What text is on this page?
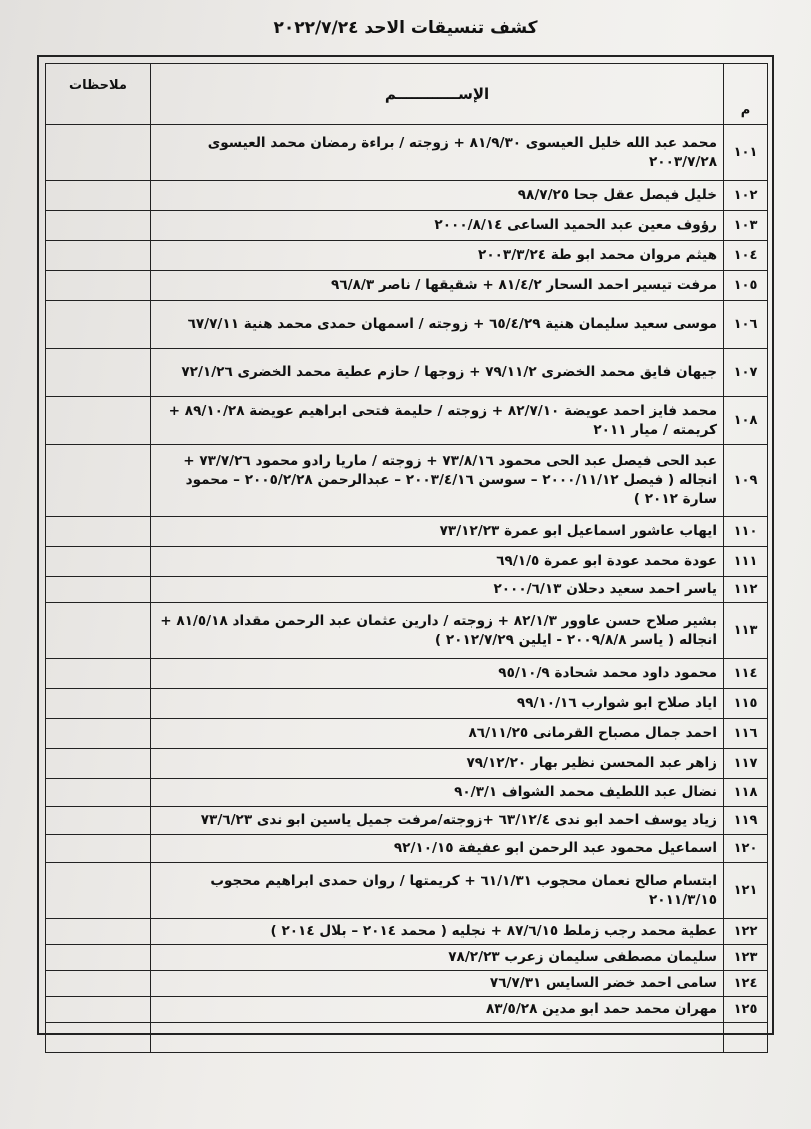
كشف تنسيقات الاحد ٢٠٢٢/٧/٢٤
م	الإســــــــــــم	ملاحظات
١٠١	محمد عبد الله خليل العيسوى ٨١/٩/٣٠ + زوجته / براءة رمضان محمد العيسوى ٢٠٠٣/٧/٢٨	
١٠٢	خليل فيصل عقل جحا ٩٨/٧/٢٥	
١٠٣	رؤوف معين عبد الحميد الساعى ٢٠٠٠/٨/١٤	
١٠٤	هيثم مروان محمد ابو طة ٢٠٠٣/٣/٢٤	
١٠٥	مرفت تيسير احمد السحار ٨١/٤/٢ + شقيقها / ناصر ٩٦/٨/٣	
١٠٦	موسى سعيد سليمان هنية ٦٥/٤/٢٩ + زوجته / اسمهان حمدى محمد هنية ٦٧/٧/١١	
١٠٧	جيهان فايق محمد الخضرى ٧٩/١١/٢ + زوجها / حازم عطية محمد الخضرى ٧٢/١/٢٦	
١٠٨	محمد فايز احمد عويضة ٨٢/٧/١٠ + زوجته / حليمة فتحى ابراهيم عويضة ٨٩/١٠/٢٨ + كريمته / ميار ٢٠١١	
١٠٩	عبد الحى فيصل عبد الحى محمود ٧٣/٨/١٦ + زوجته / ماريا رادو محمود ٧٣/٧/٢٦ + انجاله ( فيصل ٢٠٠٠/١١/١٢ – سوسن ٢٠٠٣/٤/١٦ – عبدالرحمن ٢٠٠٥/٢/٢٨ – محمود سارة ٢٠١٢ )	
١١٠	ايهاب عاشور اسماعيل ابو عمرة ٧٣/١٢/٢٣	
١١١	عودة محمد عودة ابو عمرة ٦٩/١/٥	
١١٢	ياسر احمد سعيد دحلان ٢٠٠٠/٦/١٣	
١١٣	بشير صلاح حسن عاوور ٨٢/١/٣ + زوجته / دارين عثمان عبد الرحمن مقداد ٨١/٥/١٨ + انجاله ( ياسر ٢٠٠٩/٨/٨ - ايلين ٢٠١٢/٧/٢٩ )	
١١٤	محمود داود محمد شحادة ٩٥/١٠/٩	
١١٥	اياد صلاح ابو شوارب ٩٩/١٠/١٦	
١١٦	احمد جمال مصباح القرمانى ٨٦/١١/٢٥	
١١٧	زاهر عبد المحسن نظير بهار ٧٩/١٢/٢٠	
١١٨	نضال عبد اللطيف محمد الشواف ٩٠/٣/١	
١١٩	زياد يوسف احمد ابو ندى ٦٣/١٢/٤ +زوجته/مرفت جميل ياسين ابو ندى ٧٣/٦/٢٣	
١٢٠	اسماعيل محمود عبد الرحمن ابو عفيفة ٩٢/١٠/١٥	
١٢١	ابتسام صالح نعمان محجوب ٦١/١/٣١ + كريمتها / روان حمدى ابراهيم محجوب ٢٠١١/٣/١٥	
١٢٢	عطية محمد رجب زملط ٨٧/٦/١٥ + نجليه ( محمد ٢٠١٤ – بلال ٢٠١٤ )	
١٢٣	سليمان مصطفى سليمان زعرب ٧٨/٢/٢٣	
١٢٤	سامى احمد خضر السايس ٧٦/٧/٣١	
١٢٥	مهران محمد حمد ابو مدين ٨٣/٥/٢٨	
